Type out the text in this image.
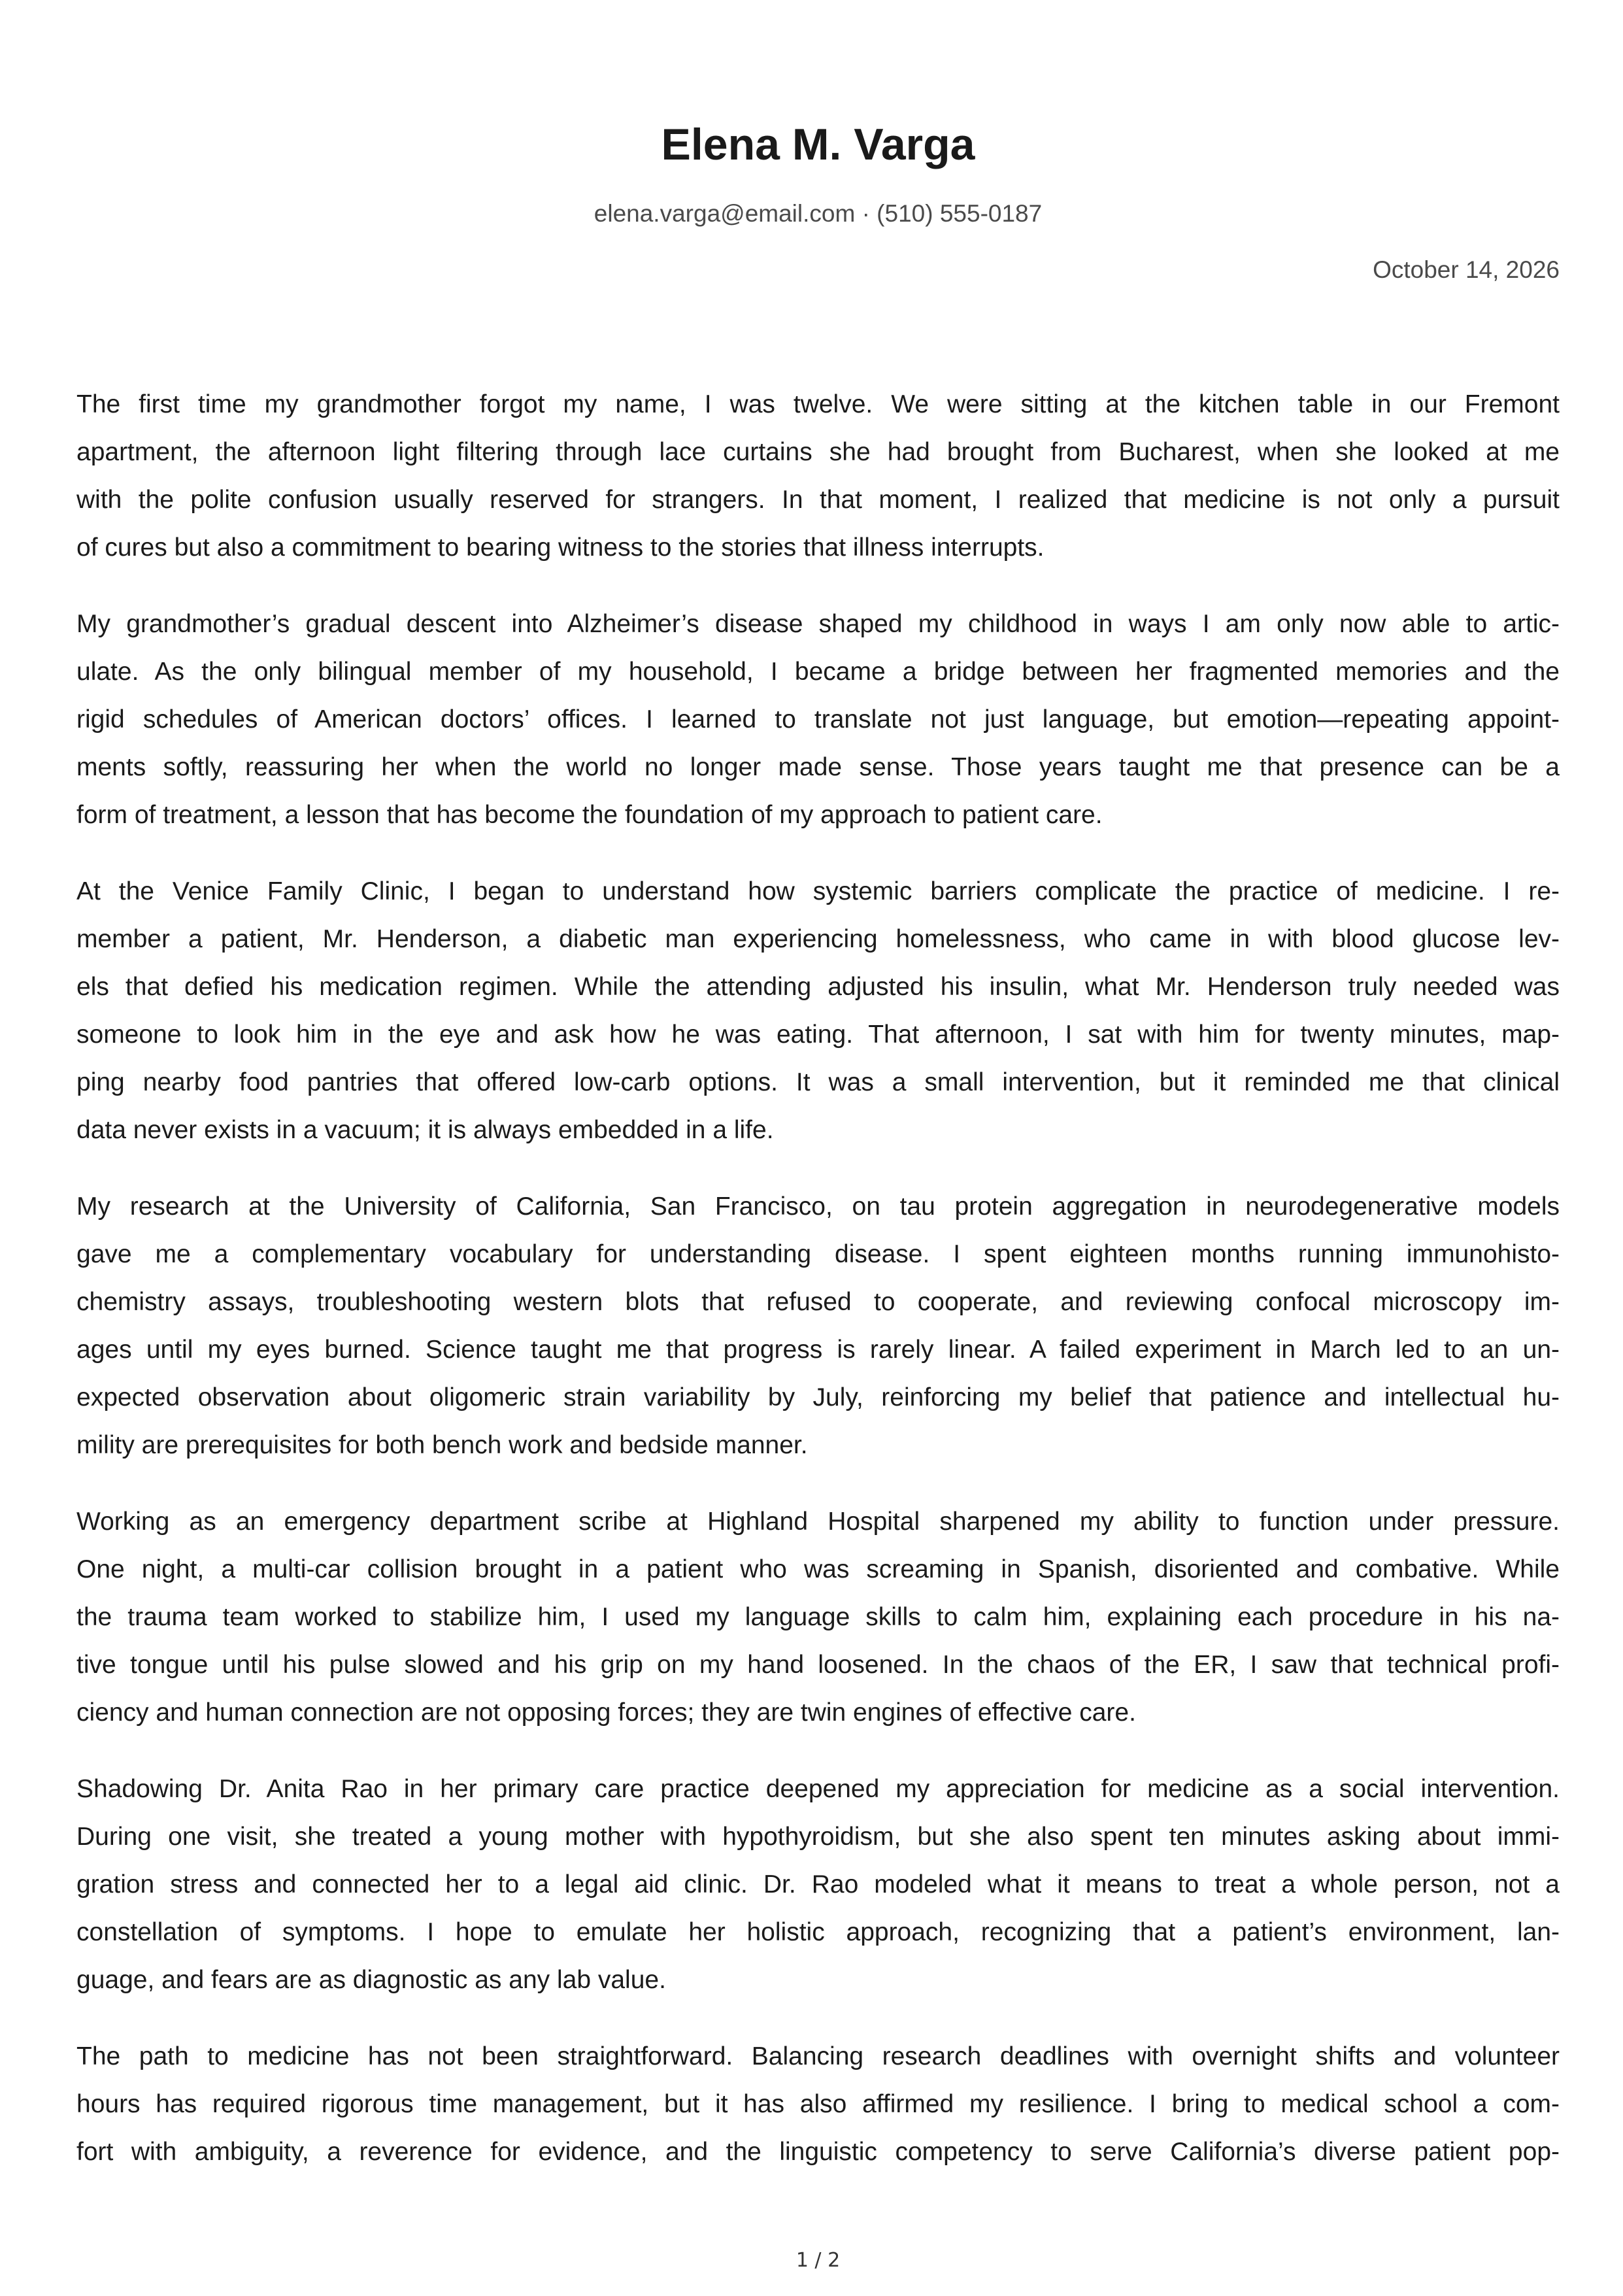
Elena M. Varga
elena.varga@email.com · (510) 555-0187
October 14, 2026
The first time my grandmother forgot my name, I was twelve. We were sitting at the kitchen table in our Fremont
apartment, the afternoon light filtering through lace curtains she had brought from Bucharest, when she looked at me
with the polite confusion usually reserved for strangers. In that moment, I realized that medicine is not only a pursuit
of cures but also a commitment to bearing witness to the stories that illness interrupts.
My grandmother’s gradual descent into Alzheimer’s disease shaped my childhood in ways I am only now able to artic-
ulate. As the only bilingual member of my household, I became a bridge between her fragmented memories and the
rigid schedules of American doctors’ offices. I learned to translate not just language, but emotion—repeating appoint-
ments softly, reassuring her when the world no longer made sense. Those years taught me that presence can be a
form of treatment, a lesson that has become the foundation of my approach to patient care.
At the Venice Family Clinic, I began to understand how systemic barriers complicate the practice of medicine. I re-
member a patient, Mr. Henderson, a diabetic man experiencing homelessness, who came in with blood glucose lev-
els that defied his medication regimen. While the attending adjusted his insulin, what Mr. Henderson truly needed was
someone to look him in the eye and ask how he was eating. That afternoon, I sat with him for twenty minutes, map-
ping nearby food pantries that offered low-carb options. It was a small intervention, but it reminded me that clinical
data never exists in a vacuum; it is always embedded in a life.
My research at the University of California, San Francisco, on tau protein aggregation in neurodegenerative models
gave me a complementary vocabulary for understanding disease. I spent eighteen months running immunohisto-
chemistry assays, troubleshooting western blots that refused to cooperate, and reviewing confocal microscopy im-
ages until my eyes burned. Science taught me that progress is rarely linear. A failed experiment in March led to an un-
expected observation about oligomeric strain variability by July, reinforcing my belief that patience and intellectual hu-
mility are prerequisites for both bench work and bedside manner.
Working as an emergency department scribe at Highland Hospital sharpened my ability to function under pressure.
One night, a multi-car collision brought in a patient who was screaming in Spanish, disoriented and combative. While
the trauma team worked to stabilize him, I used my language skills to calm him, explaining each procedure in his na-
tive tongue until his pulse slowed and his grip on my hand loosened. In the chaos of the ER, I saw that technical profi-
ciency and human connection are not opposing forces; they are twin engines of effective care.
Shadowing Dr. Anita Rao in her primary care practice deepened my appreciation for medicine as a social intervention.
During one visit, she treated a young mother with hypothyroidism, but she also spent ten minutes asking about immi-
gration stress and connected her to a legal aid clinic. Dr. Rao modeled what it means to treat a whole person, not a
constellation of symptoms. I hope to emulate her holistic approach, recognizing that a patient’s environment, lan-
guage, and fears are as diagnostic as any lab value.
The path to medicine has not been straightforward. Balancing research deadlines with overnight shifts and volunteer
hours has required rigorous time management, but it has also affirmed my resilience. I bring to medical school a com-
fort with ambiguity, a reverence for evidence, and the linguistic competency to serve California’s diverse patient pop-
1 / 2
